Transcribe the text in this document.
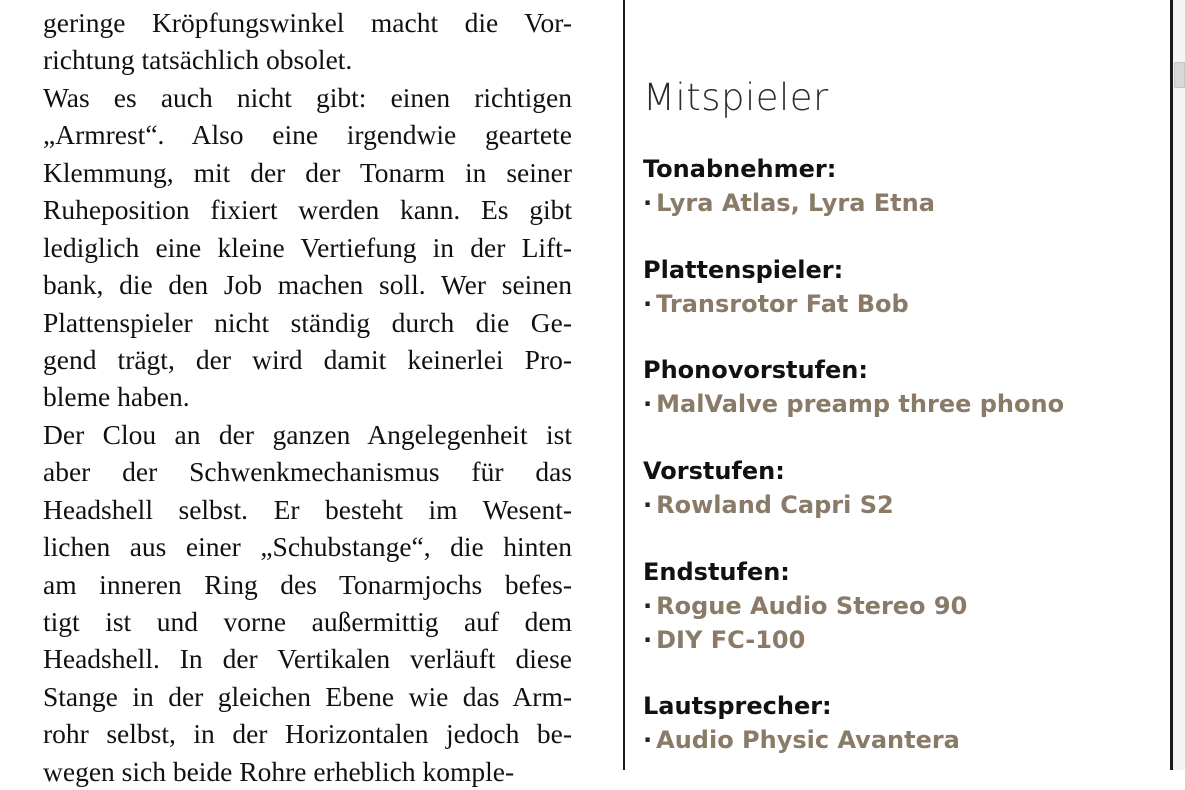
geringe Kröpfungswinkel macht die Vor-
richtung tatsächlich obsolet.
Was es auch nicht gibt: einen richtigen
„Armrest“. Also eine irgendwie geartete
Klemmung, mit der der Tonarm in seiner
Ruheposition fixiert werden kann. Es gibt
lediglich eine kleine Vertiefung in der Lift-
bank, die den Job machen soll. Wer seinen
Plattenspieler nicht ständig durch die Ge-
gend trägt, der wird damit keinerlei Pro-
bleme haben.
Der Clou an der ganzen Angelegenheit ist
aber der Schwenkmechanismus für das
Headshell selbst. Er besteht im Wesent-
lichen aus einer „Schubstange“, die hinten
am inneren Ring des Tonarmjochs befes-
tigt ist und vorne außermittig auf dem
Headshell. In der Vertikalen verläuft diese
Stange in der gleichen Ebene wie das Arm-
rohr selbst, in der Horizontalen jedoch be-
wegen sich beide Rohre erheblich komple-
Mitspieler
Tonabnehmer:
· Lyra Atlas, Lyra Etna
Plattenspieler:
· Transrotor Fat Bob
Phonovorstufen:
· MalValve preamp three phono
Vorstufen:
· Rowland Capri S2
Endstufen:
· Rogue Audio Stereo 90
· DIY FC-100
Lautsprecher:
· Audio Physic Avantera
